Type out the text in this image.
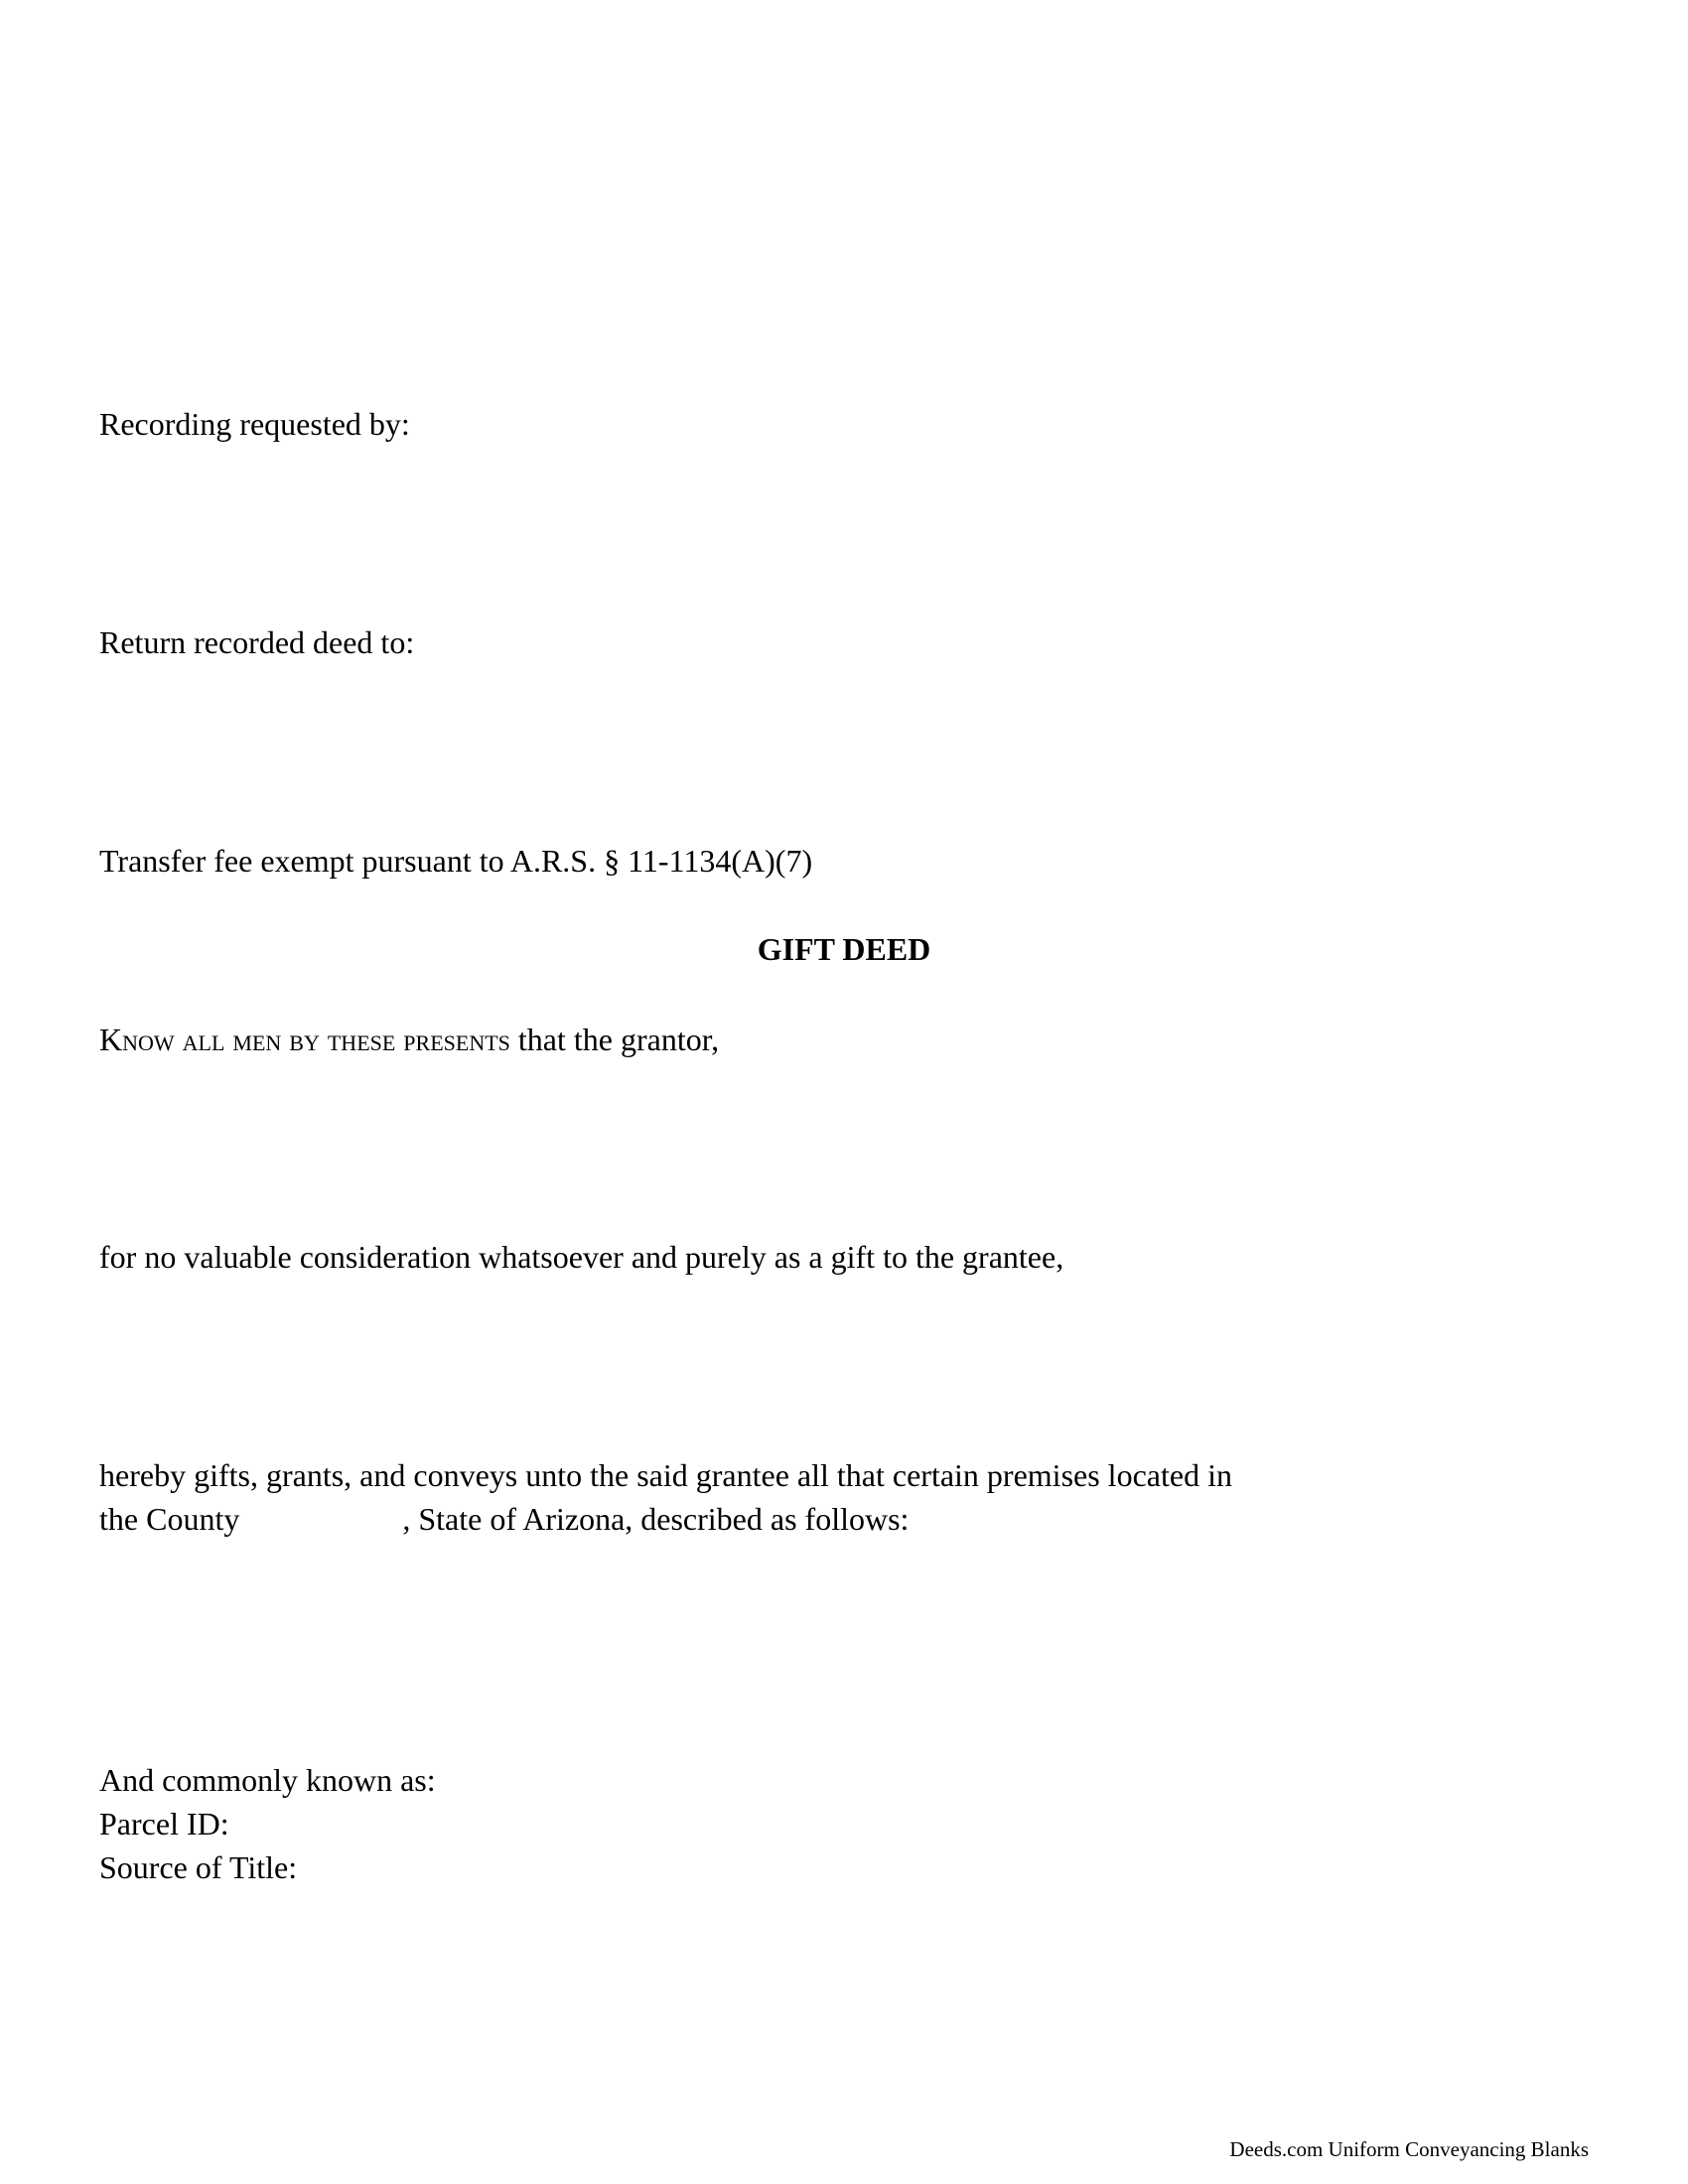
Recording requested by:
Return recorded deed to:
Transfer fee exempt pursuant to A.R.S. § 11-1134(A)(7)
GIFT DEED
Know all men by these presents that the grantor,
for no valuable consideration whatsoever and purely as a gift to the grantee,
hereby gifts, grants, and conveys unto the said grantee all that certain premises located in
the County	, State of Arizona, described as follows:
And commonly known as:
Parcel ID:
Source of Title:
Deeds.com Uniform Conveyancing Blanks
